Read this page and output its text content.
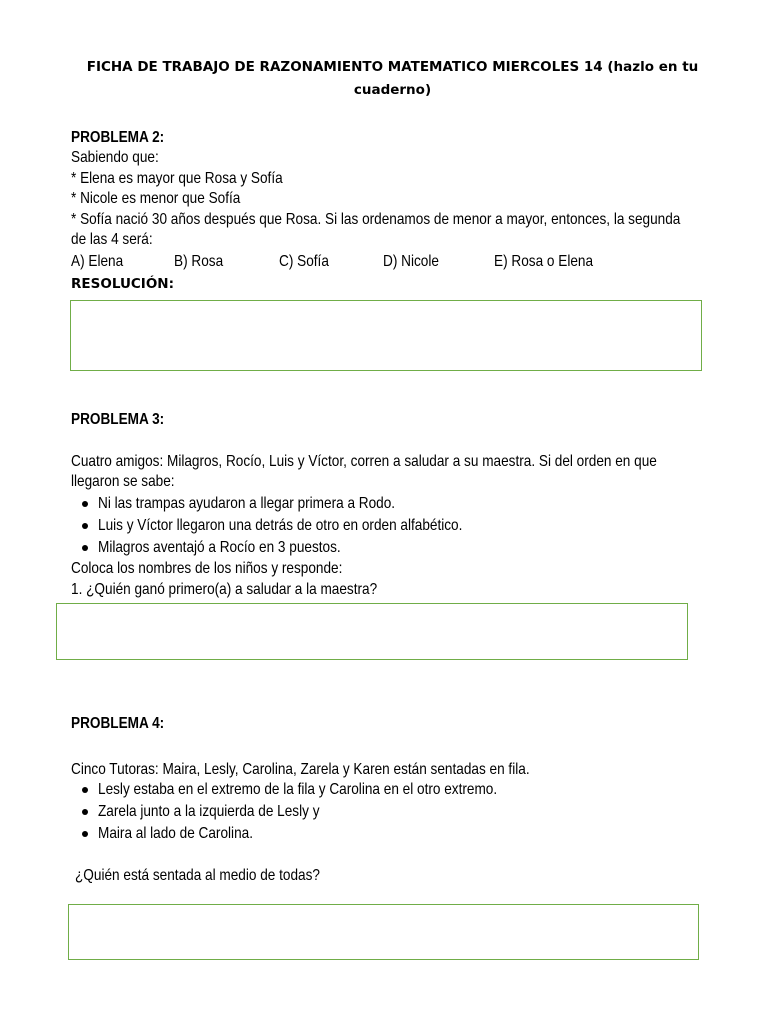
FICHA DE TRABAJO DE RAZONAMIENTO MATEMATICO MIERCOLES 14 (hazlo en tu cuaderno)
PROBLEMA 2:
Sabiendo que:
* Elena es mayor que Rosa y Sofía
* Nicole es menor que Sofía
* Sofía nació 30 años después que Rosa. Si las ordenamos de menor a mayor, entonces, la segunda
de las 4 será:
A) Elena	B) Rosa	C) Sofía	D) Nicole	E) Rosa o Elena
RESOLUCIÓN:
PROBLEMA 3:
Cuatro amigos: Milagros, Rocío, Luis y Víctor, corren a saludar a su maestra. Si del orden en que
llegaron se sabe:
Ni las trampas ayudaron a llegar primera a Rodo.
Luis y Víctor llegaron una detrás de otro en orden alfabético.
Milagros aventajó a Rocío en 3 puestos.
Coloca los nombres de los niños y responde:
1. ¿Quién ganó primero(a) a saludar a la maestra?
PROBLEMA 4:
Cinco Tutoras: Maira, Lesly, Carolina, Zarela y Karen están sentadas en fila.
Lesly estaba en el extremo de la fila y Carolina en el otro extremo.
Zarela junto a la izquierda de Lesly y
Maira al lado de Carolina.
¿Quién está sentada al medio de todas?
